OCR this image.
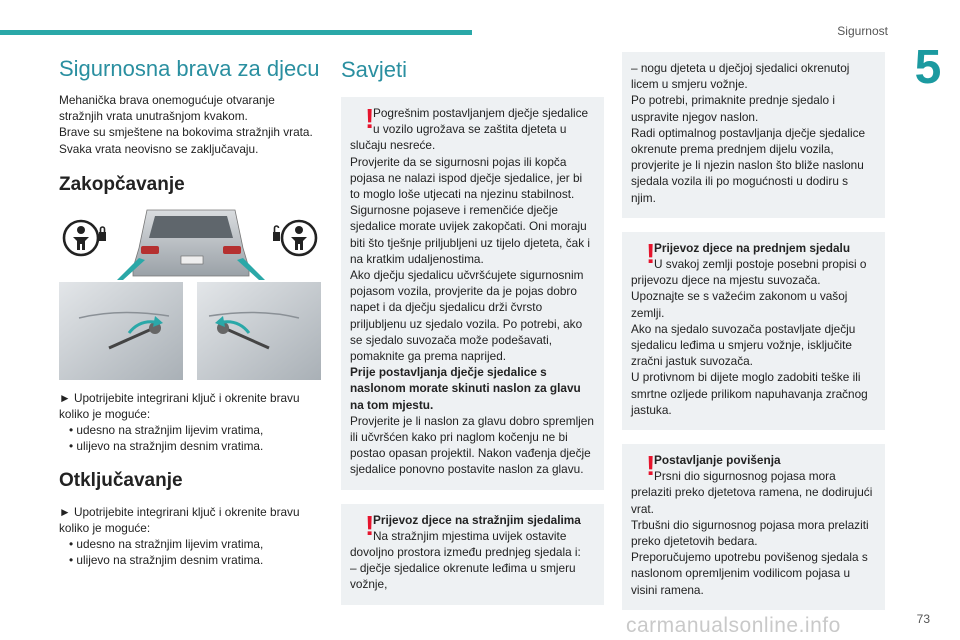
Sigurnost
5
Sigurnosna brava za djecu

Mehanička brava onemogućuje otvaranje stražnjih vrata unutrašnjom kvakom.

Brave su smještene na bokovima stražnjih vrata.

Svaka vrata neovisno se zaključavaju.

Zakopčavanje

► Upotrijebite integrirani ključ i okrenite bravu koliko je moguće:

• udesno na stražnjim lijevim vratima,
• ulijevo na stražnjim desnim vratima.
Otključavanje

► Upotrijebite integrirani ključ i okrenite bravu koliko je moguće:

• udesno na stražnjim lijevim vratima,
• ulijevo na stražnjim desnim vratima.
Savjeti
!

Pogrešnim postavljanjem dječje sjedalice

u vozilo ugrožava se zaštita djeteta u slučaju nesreće.

Provjerite da se sigurnosni pojas ili kopča pojasa ne nalazi ispod dječje sjedalice, jer bi to moglo loše utjecati na njezinu stabilnost.

Sigurnosne pojaseve i remenčiće dječje sjedalice morate uvijek zakopčati. Oni moraju biti što tješnje priljubljeni uz tijelo djeteta, čak i na kratkim udaljenostima.

Ako dječju sjedalicu učvršćujete sigurnosnim pojasom vozila, provjerite da je pojas dobro napet i da dječju sjedalicu drži čvrsto priljubljenu uz sjedalo vozila. Po potrebi, ako se sjedalo suvozača može podešavati, pomaknite ga prema naprijed.

Prije postavljanja dječje sjedalice s naslonom morate skinuti naslon za glavu na tom mjestu.

Provjerite je li naslon za glavu dobro spremljen ili učvršćen kako pri naglom kočenju ne bi postao opasan projektil. Nakon vađenja dječje sjedalice ponovno postavite naslon za glavu.

!

Prijevoz djece na stražnjim sjedalima

Na stražnjim mjestima uvijek ostavite dovoljno prostora između prednjeg sjedala i:

– dječje sjedalice okrenute leđima u smjeru vožnje,

– nogu djeteta u dječjoj sjedalici okrenutoj licem u smjeru vožnje.

Po potrebi, primaknite prednje sjedalo i uspravite njegov naslon.

Radi optimalnog postavljanja dječje sjedalice okrenute prema prednjem dijelu vozila, provjerite je li njezin naslon što bliže naslonu sjedala vozila ili po mogućnosti u dodiru s njim.

!

Prijevoz djece na prednjem sjedalu

U svakoj zemlji postoje posebni propisi o prijevozu djece na mjestu suvozača. Upoznajte se s važećim zakonom u vašoj zemlji.

Ako na sjedalo suvozača postavljate dječju sjedalicu leđima u smjeru vožnje, isključite zračni jastuk suvozača.

U protivnom bi dijete moglo zadobiti teške ili smrtne ozljede prilikom napuhavanja zračnog jastuka.

!

Postavljanje povišenja

Prsni dio sigurnosnog pojasa mora prelaziti preko djetetova ramena, ne dodirujući vrat.

Trbušni dio sigurnosnog pojasa mora prelaziti preko djetetovih bedara.

Preporučujemo upotrebu povišenog sjedala s naslonom opremljenim vodilicom pojasa u visini ramena.

carmanualsonline.info	73
